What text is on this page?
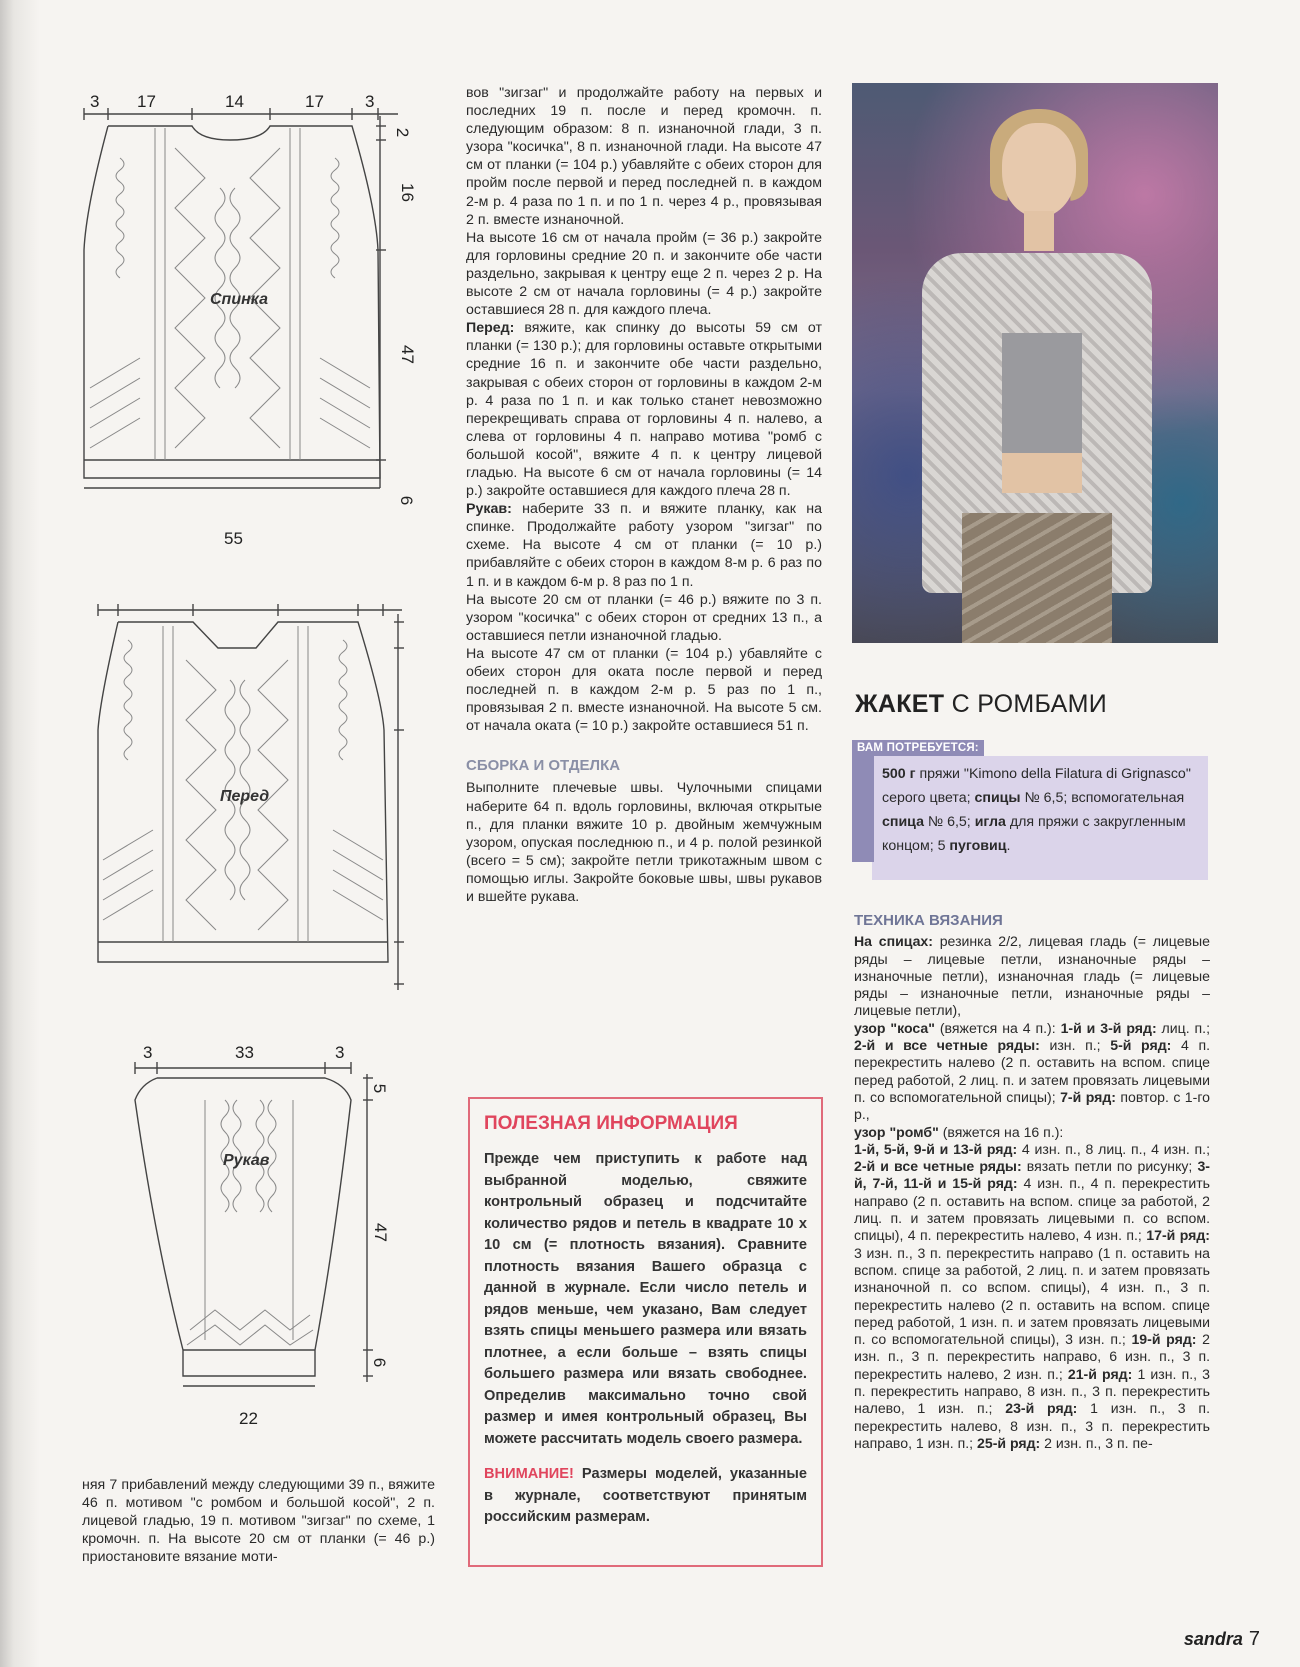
3 17	14	17 3
Спинка
2
16
47
6
55
Перед
3	33	3
Рукав
5
47
6
22

няя 7 прибавлений между следующими 39 п., вяжите 46 п. мотивом "с ромбом и большой косой", 2 п. лицевой гладью, 19 п. мотивом "зигзаг" по схеме, 1 кромочн. п. На высоте 20 см от планки (= 46 р.) приостановите вязание моти-

вов "зигзаг" и продолжайте работу на первых и последних 19 п. после и перед кромочн. п. следующим образом: 8 п. изнаночной глади, 3 п. узора "косичка", 8 п. изнаночной глади. На высоте 47 см от планки (= 104 р.) убавляйте с обеих сторон для пройм после первой и перед последней п. в каждом 2-м р. 4 раза по 1 п. и по 1 п. через 4 р., провязывая 2 п. вместе изнаночной.

На высоте 16 см от начала пройм (= 36 р.) закройте для горловины средние 20 п. и закончите обе части раздельно, закрывая к центру еще 2 п. через 2 р. На высоте 2 см от начала горловины (= 4 р.) закройте оставшиеся 28 п. для каждого плеча.

Перед: вяжите, как спинку до высоты 59 см от планки (= 130 р.); для горловины оставьте открытыми средние 16 п. и закончите обе части раздельно, закрывая с обеих сторон от горловины в каждом 2-м р. 4 раза по 1 п. и как только станет невозможно перекрещивать справа от горловины 4 п. налево, а слева от горловины 4 п. направо мотива "ромб с большой косой", вяжите 4 п. к центру лицевой гладью. На высоте 6 см от начала горловины (= 14 р.) закройте оставшиеся для каждого плеча 28 п.

Рукав: наберите 33 п. и вяжите планку, как на спинке. Продолжайте работу узором "зигзаг" по схеме. На высоте 4 см от планки (= 10 р.) прибавляйте с обеих сторон в каждом 8-м р. 6 раз по 1 п. и в каждом 6-м р. 8 раз по 1 п.

На высоте 20 см от планки (= 46 р.) вяжите по 3 п. узором "косичка" с обеих сторон от средних 13 п., а оставшиеся петли изнаночной гладью.

На высоте 47 см от планки (= 104 р.) убавляйте с обеих сторон для оката после первой и перед последней п. в каждом 2-м р. 5 раз по 1 п., провязывая 2 п. вместе изнаночной. На высоте 5 см. от начала оката (= 10 р.) закройте оставшиеся 51 п.

СБОРКА И ОТДЕЛКА

Выполните плечевые швы. Чулочными спицами наберите 64 п. вдоль горловины, включая открытые п., для планки вяжите 10 р. двойным жемчужным узором, опуская последнюю п., и 4 р. полой резинкой (всего = 5 см); закройте петли трикотажным швом с помощью иглы. Закройте боковые швы, швы рукавов и вшейте рукава.

ПОЛЕЗНАЯ ИНФОРМАЦИЯ

Прежде чем приступить к работе над выбранной моделью, свяжите контрольный образец и подсчитайте количество рядов и петель в квадрате 10 х 10 см (= плотность вязания). Сравните плотность вязания Вашего образца с данной в журнале. Если число петель и рядов меньше, чем указано, Вам следует взять спицы меньшего размера или вязать плотнее, а если больше – взять спицы большего размера или вязать свободнее. Определив максимально точно свой размер и имея контрольный образец, Вы можете рассчитать модель своего размера.

ВНИМАНИЕ! Размеры моделей, указанные в журнале, соответствуют принятым российским размерам.

ЖАКЕТ С РОМБАМИ
ВАМ ПОТРЕБУЕТСЯ:
500 г пряжи "Kimono della Filatura di Grignasco" серого цвета; спицы № 6,5; вспомогательная спица № 6,5; игла для пряжи с закругленным концом; 5 пуговиц.
ТЕХНИКА ВЯЗАНИЯ

На спицах: резинка 2/2, лицевая гладь (= лицевые ряды – лицевые петли, изнаночные ряды – изнаночные петли), изнаночная гладь (= лицевые ряды – изнаночные петли, изнаночные ряды – лицевые петли),
узор "коса" (вяжется на 4 п.): 1-й и 3-й ряд: лиц. п.; 2-й и все четные ряды: изн. п.; 5-й ряд: 4 п. перекрестить налево (2 п. оставить на вспом. спице перед работой, 2 лиц. п. и затем провязать лицевыми п. со вспомогательной спицы); 7-й ряд: повтор. с 1-го р.,
узор "ромб" (вяжется на 16 п.):
1-й, 5-й, 9-й и 13-й ряд: 4 изн. п., 8 лиц. п., 4 изн. п.; 2-й и все четные ряды: вязать петли по рисунку; 3-й, 7-й, 11-й и 15-й ряд: 4 изн. п., 4 п. перекрестить направо (2 п. оставить на вспом. спице за работой, 2 лиц. п. и затем провязать лицевыми п. со вспом. спицы), 4 п. перекрестить налево, 4 изн. п.; 17-й ряд: 3 изн. п., 3 п. перекрестить направо (1 п. оставить на вспом. спице за работой, 2 лиц. п. и затем провязать изнаночной п. со вспом. спицы), 4 изн. п., 3 п. перекрестить налево (2 п. оставить на вспом. спице перед работой, 1 изн. п. и затем провязать лицевыми п. со вспомогательной спицы), 3 изн. п.; 19-й ряд: 2 изн. п., 3 п. перекрестить направо, 6 изн. п., 3 п. перекрестить налево, 2 изн. п.; 21-й ряд: 1 изн. п., 3 п. перекрестить направо, 8 изн. п., 3 п. перекрестить налево, 1 изн. п.; 23-й ряд: 1 изн. п., 3 п. перекрестить налево, 8 изн. п., 3 п. перекрестить направо, 1 изн. п.; 25-й ряд: 2 изн. п., 3 п. пе-

sandra 7
